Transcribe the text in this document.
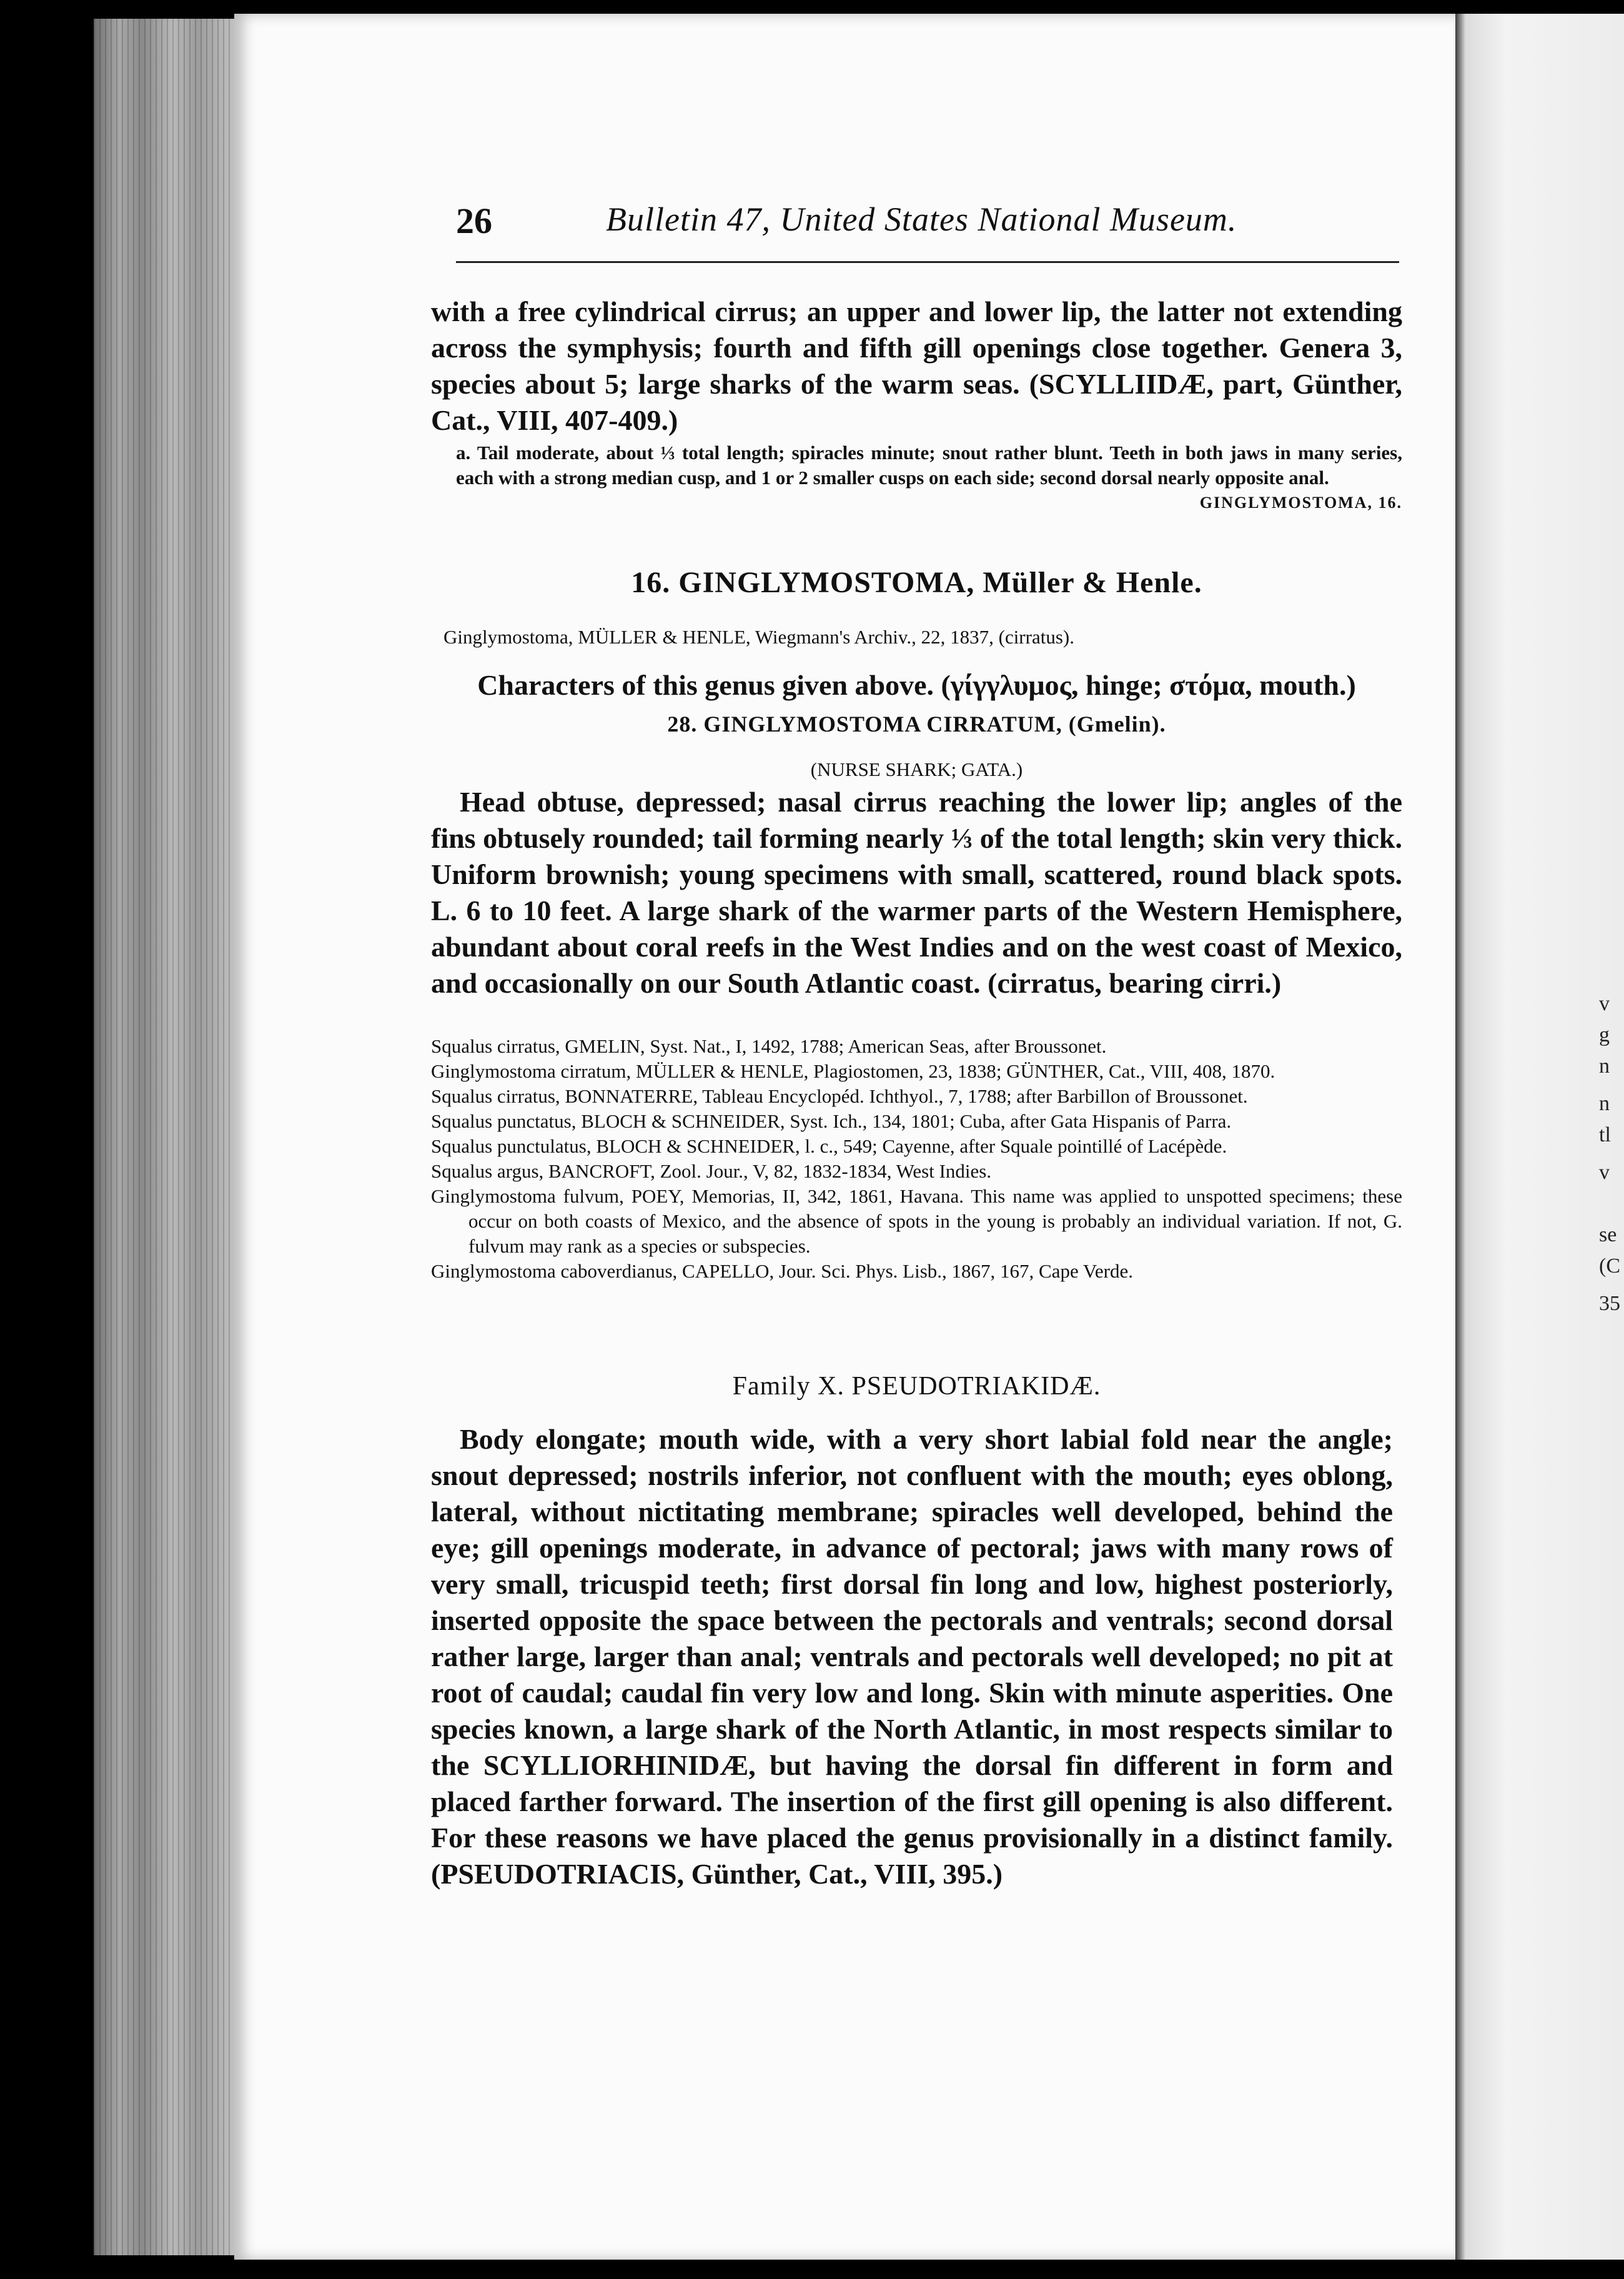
v
g
n
n
tl
v
se
(C
35
26	Bulletin 47, United States National Museum.
with a free cylindrical cirrus; an upper and lower lip, the latter not extending across the symphysis; fourth and fifth gill openings close together. Genera 3, species about 5; large sharks of the warm seas. (SCYLLIIDÆ, part, Günther, Cat., VIII, 407-409.)
a. Tail moderate, about ⅓ total length; spiracles minute; snout rather blunt. Teeth in both jaws in many series, each with a strong median cusp, and 1 or 2 smaller cusps on each side; second dorsal nearly opposite anal.
GINGLYMOSTOMA, 16.
16. GINGLYMOSTOMA, Müller & Henle.
Ginglymostoma, MÜLLER & HENLE, Wiegmann's Archiv., 22, 1837, (cirratus).
Characters of this genus given above. (γίγγλυμος, hinge; στόμα, mouth.)
28. GINGLYMOSTOMA CIRRATUM, (Gmelin).
(NURSE SHARK; GATA.)
Head obtuse, depressed; nasal cirrus reaching the lower lip; angles of the fins obtusely rounded; tail forming nearly ⅓ of the total length; skin very thick. Uniform brownish; young specimens with small, scattered, round black spots. L. 6 to 10 feet. A large shark of the warmer parts of the Western Hemisphere, abundant about coral reefs in the West Indies and on the west coast of Mexico, and occasionally on our South Atlantic coast. (cirratus, bearing cirri.)

Squalus cirratus, GMELIN, Syst. Nat., I, 1492, 1788; American Seas, after Broussonet.

Ginglymostoma cirratum, MÜLLER & HENLE, Plagiostomen, 23, 1838; GÜNTHER, Cat., VIII, 408, 1870.

Squalus cirratus, BONNATERRE, Tableau Encyclopéd. Ichthyol., 7, 1788; after Barbillon of Broussonet.

Squalus punctatus, BLOCH & SCHNEIDER, Syst. Ich., 134, 1801; Cuba, after Gata Hispanis of Parra.

Squalus punctulatus, BLOCH & SCHNEIDER, l. c., 549; Cayenne, after Squale pointillé of Lacépède.

Squalus argus, BANCROFT, Zool. Jour., V, 82, 1832-1834, West Indies.

Ginglymostoma fulvum, POEY, Memorias, II, 342, 1861, Havana. This name was applied to unspotted specimens; these occur on both coasts of Mexico, and the absence of spots in the young is probably an individual variation. If not, G. fulvum may rank as a species or subspecies.

Ginglymostoma caboverdianus, CAPELLO, Jour. Sci. Phys. Lisb., 1867, 167, Cape Verde.

Family X. PSEUDOTRIAKIDÆ.
Body elongate; mouth wide, with a very short labial fold near the angle; snout depressed; nostrils inferior, not confluent with the mouth; eyes oblong, lateral, without nictitating membrane; spiracles well developed, behind the eye; gill openings moderate, in advance of pectoral; jaws with many rows of very small, tricuspid teeth; first dorsal fin long and low, highest posteriorly, inserted opposite the space between the pectorals and ventrals; second dorsal rather large, larger than anal; ventrals and pectorals well developed; no pit at root of caudal; caudal fin very low and long. Skin with minute asperities. One species known, a large shark of the North Atlantic, in most respects similar to the SCYLLIORHINIDÆ, but having the dorsal fin different in form and placed farther forward. The insertion of the first gill opening is also different. For these reasons we have placed the genus provisionally in a distinct family. (PSEUDOTRIACIS, Günther, Cat., VIII, 395.)
